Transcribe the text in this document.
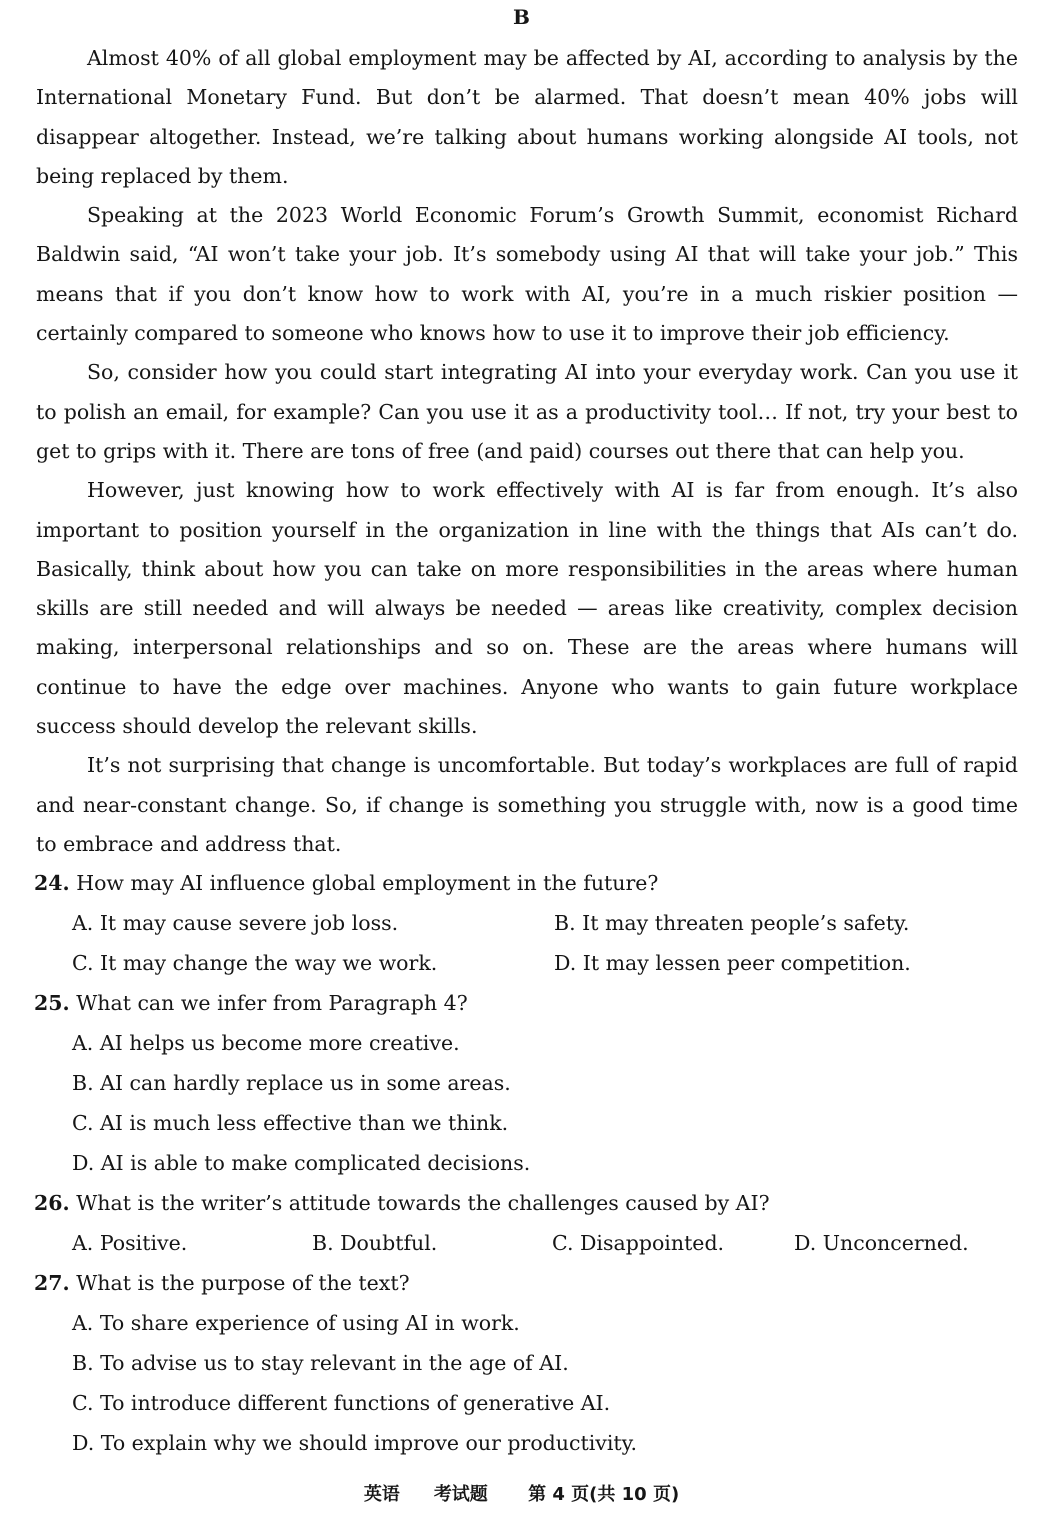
B

Almost 40% of all global employment may be affected by AI, according to analysis by the International Monetary Fund. But don’t be alarmed. That doesn’t mean 40% jobs will disappear altogether. Instead, we’re talking about humans working alongside AI tools, not being replaced by them.

Speaking at the 2023 World Economic Forum’s Growth Summit, economist Richard Baldwin said, “AI won’t take your job. It’s somebody using AI that will take your job.” This means that if you don’t know how to work with AI, you’re in a much riskier position — certainly compared to someone who knows how to use it to improve their job efficiency.

So, consider how you could start integrating AI into your everyday work. Can you use it to polish an email, for example? Can you use it as a productivity tool… If not, try your best to get to grips with it. There are tons of free (and paid) courses out there that can help you.

However, just knowing how to work effectively with AI is far from enough. It’s also important to position yourself in the organization in line with the things that AIs can’t do. Basically, think about how you can take on more responsibilities in the areas where human skills are still needed and will always be needed — areas like creativity, complex decision making, interpersonal relationships and so on. These are the areas where humans will continue to have the edge over machines. Anyone who wants to gain future workplace success should develop the relevant skills.

It’s not surprising that change is uncomfortable. But today’s workplaces are full of rapid and near-constant change. So, if change is something you struggle with, now is a good time to embrace and address that.

24. How may AI influence global employment in the future?
A. It may cause severe job loss.	B. It may threaten people’s safety.
C. It may change the way we work.	D. It may lessen peer competition.
25. What can we infer from Paragraph 4?
A. AI helps us become more creative.
B. AI can hardly replace us in some areas.
C. AI is much less effective than we think.
D. AI is able to make complicated decisions.
26. What is the writer’s attitude towards the challenges caused by AI?
A. Positive.	B. Doubtful.	C. Disappointed.	D. Unconcerned.
27. What is the purpose of the text?
A. To share experience of using AI in work.
B. To advise us to stay relevant in the age of AI.
C. To introduce different functions of generative AI.
D. To explain why we should improve our productivity.
英语 考试题 第 4 页(共 10 页)
